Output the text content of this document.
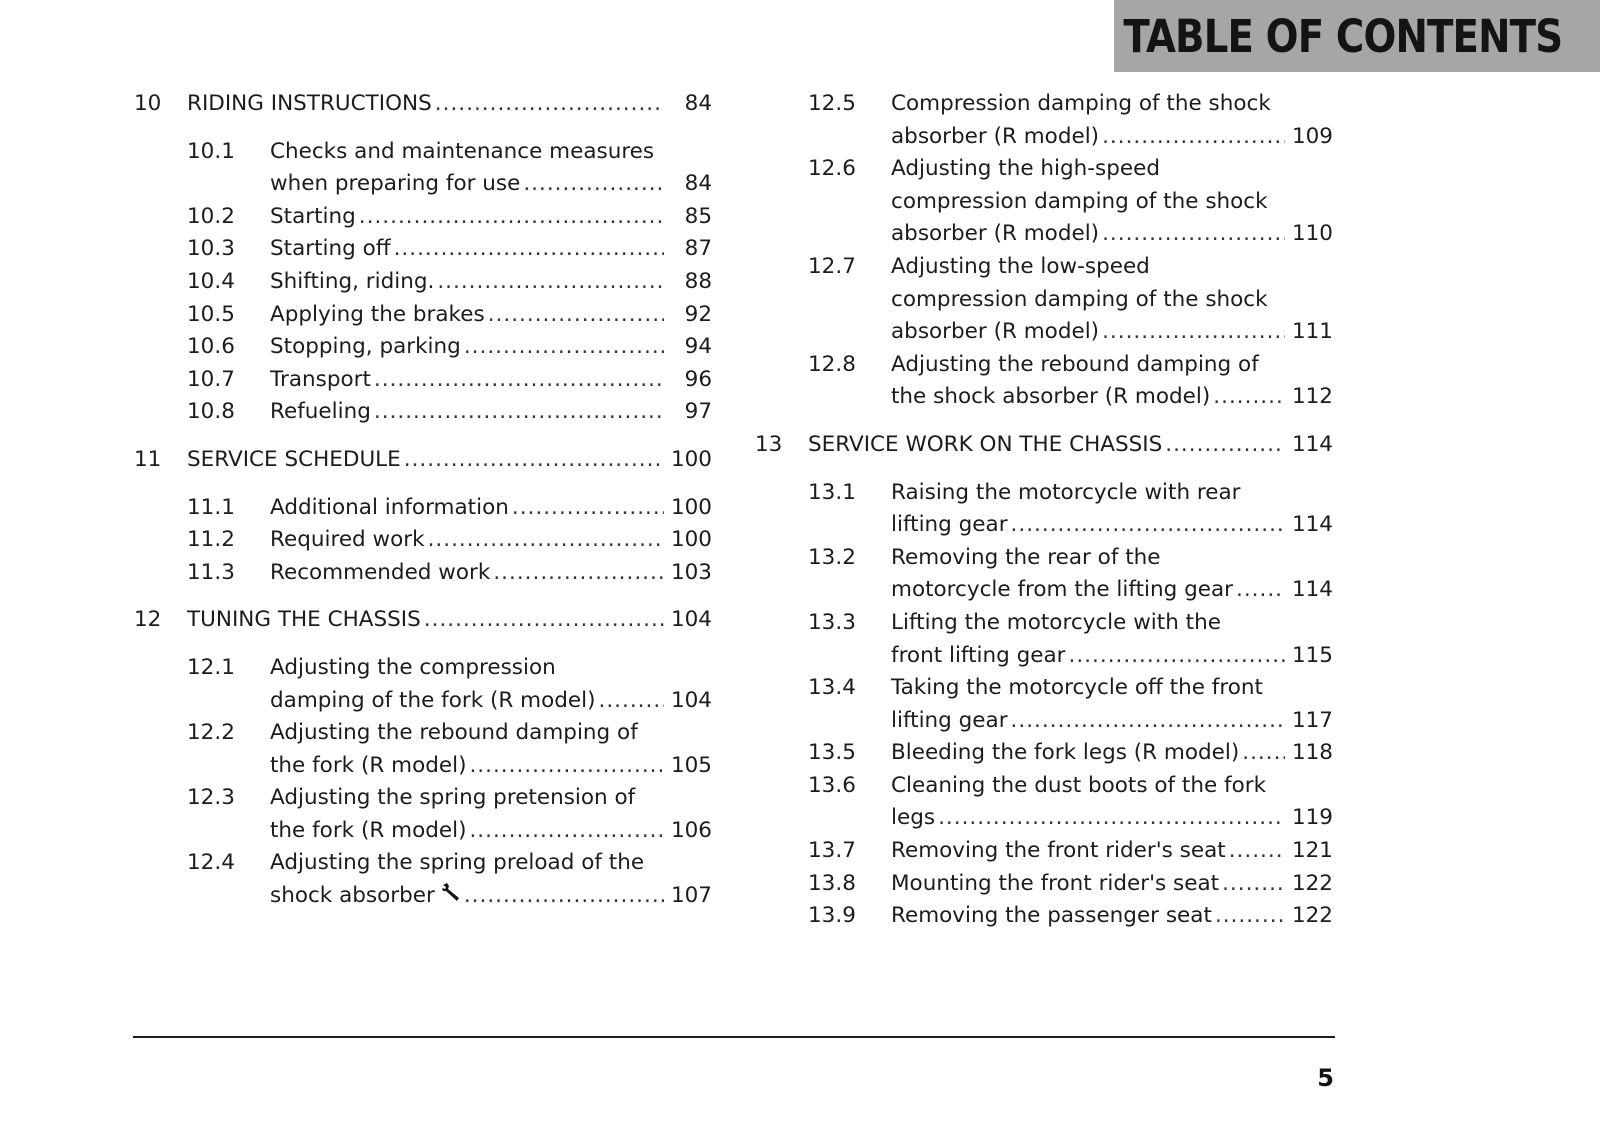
TABLE OF CONTENTS
10	RIDING INSTRUCTIONS .....	84
10.1	Checks and maintenance measures
when preparing for use .....	84
10.2	Starting .....	85
10.3	Starting off .....	87
10.4	Shifting, riding. .....	88
10.5	Applying the brakes .....	92
10.6	Stopping, parking .....	94
10.7	Transport .....	96
10.8	Refueling .....	97
11	SERVICE SCHEDULE .....	100
11.1	Additional information .....	100
11.2	Required work .....	100
11.3	Recommended work .....	103
12	TUNING THE CHASSIS .....	104
12.1	Adjusting the compression
damping of the fork (R model) .....	104
12.2	Adjusting the rebound damping of
the fork (R model) .....	105
12.3	Adjusting the spring pretension of
the fork (R model) .....	106
12.4	Adjusting the spring preload of the
shock absorber .....	107
12.5	Compression damping of the shock
absorber (R model) .....	109
12.6	Adjusting the high-speed
compression damping of the shock
absorber (R model) .....	110
12.7	Adjusting the low-speed
compression damping of the shock
absorber (R model) .....	111
12.8	Adjusting the rebound damping of
the shock absorber (R model) .....	112
13	SERVICE WORK ON THE CHASSIS .....	114
13.1	Raising the motorcycle with rear
lifting gear .....	114
13.2	Removing the rear of the
motorcycle from the lifting gear .....	114
13.3	Lifting the motorcycle with the
front lifting gear .....	115
13.4	Taking the motorcycle off the front
lifting gear .....	117
13.5	Bleeding the fork legs (R model) ..... 118
13.6	Cleaning the dust boots of the fork
legs .....	119
13.7	Removing the front rider's seat .....	121
13.8	Mounting the front rider's seat .....	122
13.9	Removing the passenger seat .....	122
5
